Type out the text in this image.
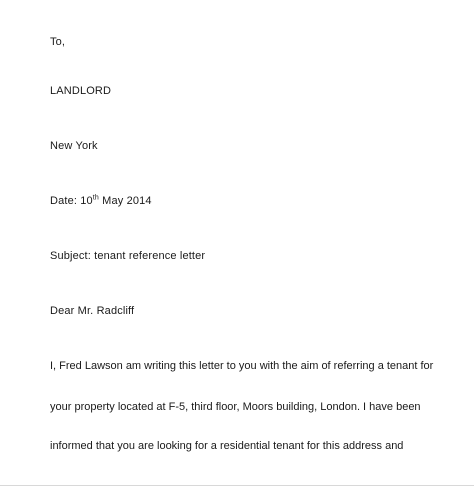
To,
LANDLORD
New York
Date: 10th May 2014
Subject: tenant reference letter
Dear Mr. Radcliff
I, Fred Lawson am writing this letter to you with the aim of referring a tenant for
your property located at F-5, third floor, Moors building, London. I have been
informed that you are looking for a residential tenant for this address and
